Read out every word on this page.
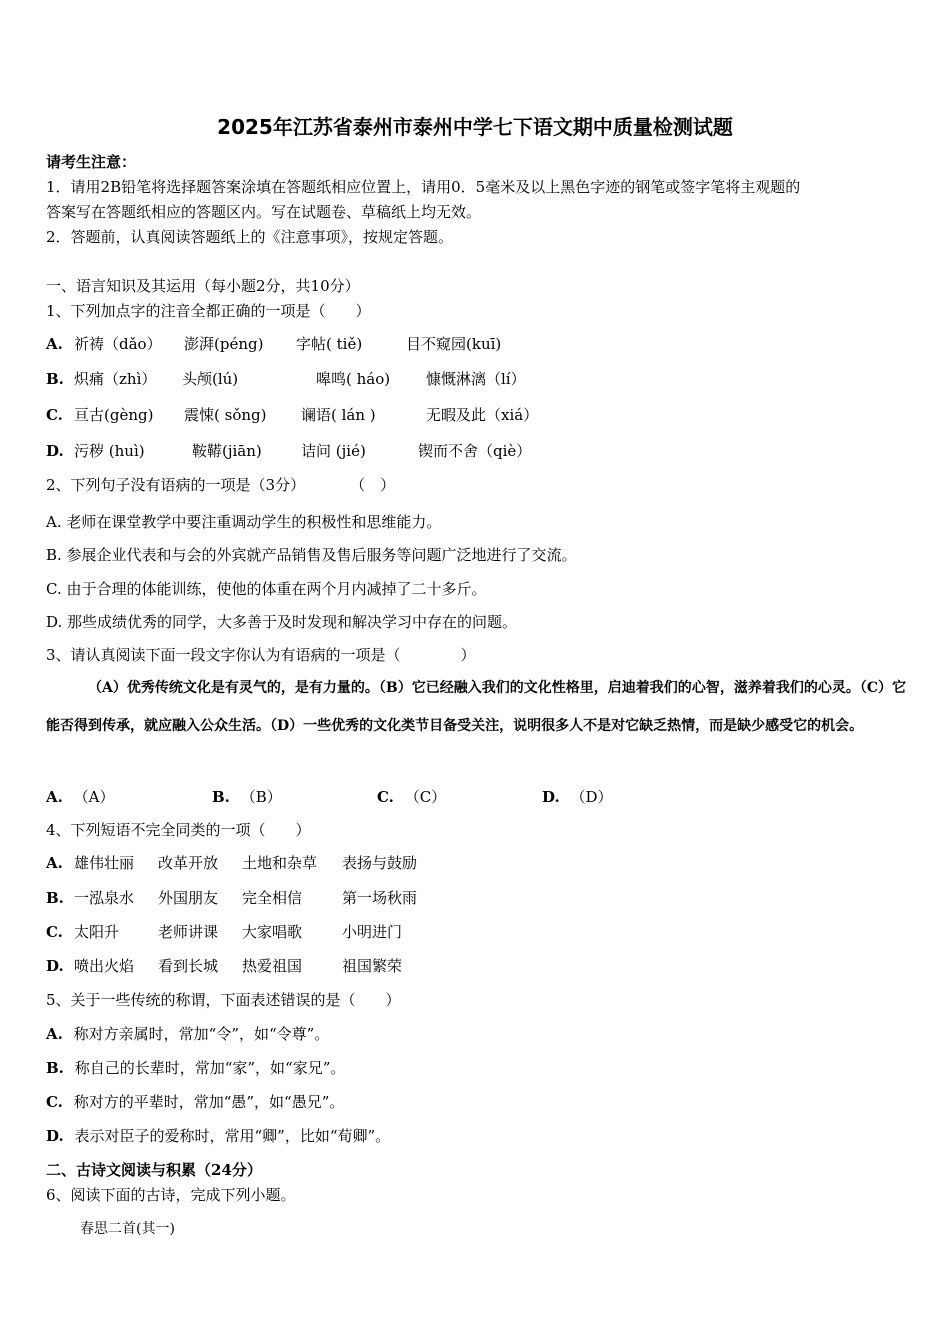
2025年江苏省泰州市泰州中学七下语文期中质量检测试题
请考生注意：
1．请用2B铅笔将选择题答案涂填在答题纸相应位置上，请用0．5毫米及以上黑色字迹的钢笔或签字笔将主观题的
答案写在答题纸相应的答题区内。写在试题卷、草稿纸上均无效。
2．答题前，认真阅读答题纸上的《注意事项》，按规定答题。
一、语言知识及其运用（每小题2分，共10分）
1、下列加点字的注音全都正确的一项是（　　）
A. 祈祷（dǎo） 澎湃(péng) 字帖( tiě)	目不窥园(kuī)
B. 炽痛（zhì） 头颅(lú)	嗥鸣( háo) 慷慨淋漓（lí）
C. 亘古(gèng) 震悚( sǒng) 谰语( lán )	无暇及此（xiá）
D. 污秽 (huì)	鞍鞯(jiān)	诘问 (jié)	锲而不舍（qiè）
2、下列句子没有语病的一项是（3分）　　　　（　）
A. 老师在课堂教学中要注重调动学生的积极性和思维能力。
B. 参展企业代表和与会的外宾就产品销售及售后服务等问题广泛地进行了交流。
C. 由于合理的体能训练，使他的体重在两个月内减掉了二十多斤。
D. 那些成绩优秀的同学，大多善于及时发现和解决学习中存在的问题。
3、请认真阅读下面一段文字你认为有语病的一项是（　　　　）
（A）优秀传统文化是有灵气的，是有力量的。（B）它已经融入我们的文化性格里，启迪着我们的心智，滋养着我们的心灵。（C）它能否得到传承，就应融入公众生活。（D）一些优秀的文化类节目备受关注，说明很多人不是对它缺乏热情，而是缺少感受它的机会。
A. （A）	B. （B）	C. （C）	D. （D）
4、下列短语不完全同类的一项（　　）
A. 雄伟壮丽 改革开放 土地和杂草 表扬与鼓励
B. 一泓泉水 外国朋友 完全相信	第一场秋雨
C. 太阳升	老师讲课 大家唱歌	小明进门
D. 喷出火焰 看到长城 热爱祖国	祖国繁荣
5、关于一些传统的称谓，下面表述错误的是（　　）
A. 称对方亲属时，常加“令”，如“令尊”。
B. 称自己的长辈时，常加“家”，如“家兄”。
C. 称对方的平辈时，常加“愚”，如“愚兄”。
D. 表示对臣子的爱称时，常用“卿”，比如“荀卿”。
二、古诗文阅读与积累（24分）
6、阅读下面的古诗，完成下列小题。
春思二首(其一)
